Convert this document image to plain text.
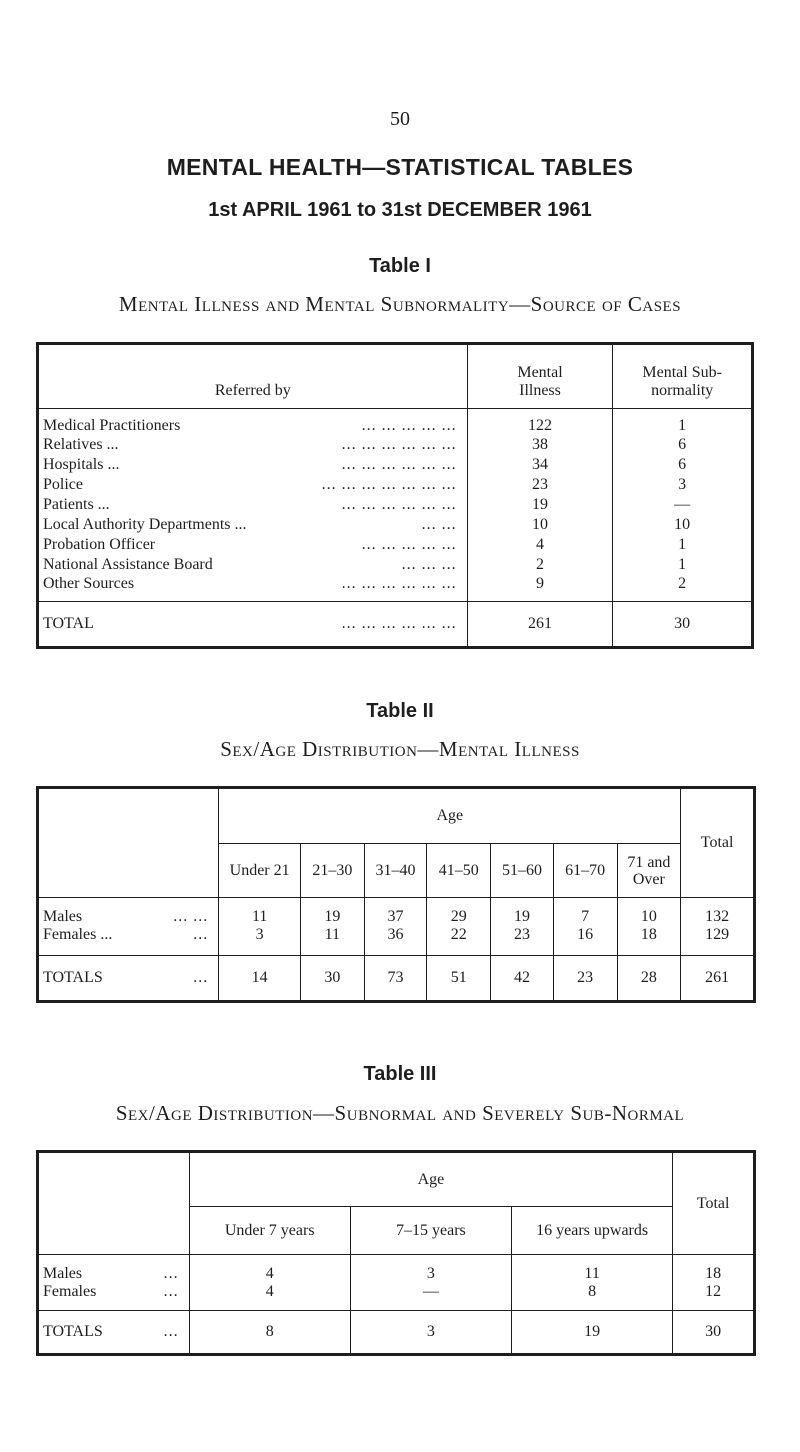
50
MENTAL HEALTH—STATISTICAL TABLES
1st APRIL 1961 to 31st DECEMBER 1961
Table I
Mental Illness and Mental Subnormality—Source of Cases
Referred by	Mental Illness	Mental Sub-normality

Medical Practitioners ... ... ... ... ...	122	1

Relatives ... ... ... ... ... ... ...	38	6

Hospitals ... ... ... ... ... ... ...	34	6

Police ... ... ... ... ... ... ...	23	3

Patients ... ... ... ... ... ... ...	19	—

Local Authority Departments ... ... ...	10	10

Probation Officer ... ... ... ... ...	4	1

National Assistance Board ... ... ...	2	1

Other Sources ... ... ... ... ... ...	9	2

TOTAL ... ... ... ... ... ...	261	30
Table II
Sex/Age Distribution—Mental Illness
	Age							Total
	Under 21	21–30	31–40	41–50	51–60	61–70	71 and Over	

Males ... ...	11	19	37	29	19	7	10	132

Females ... ...	3	11	36	22	23	16	18	129

TOTALS ...	14	30	73	51	42	23	28	261
Table III
Sex/Age Distribution—Subnormal and Severely Sub-Normal
	Age			Total
	Under 7 years	7–15 years	16 years upwards	

Males ...	4	3	11	18

Females ...	4	—	8	12

TOTALS ...	8	3	19	30
